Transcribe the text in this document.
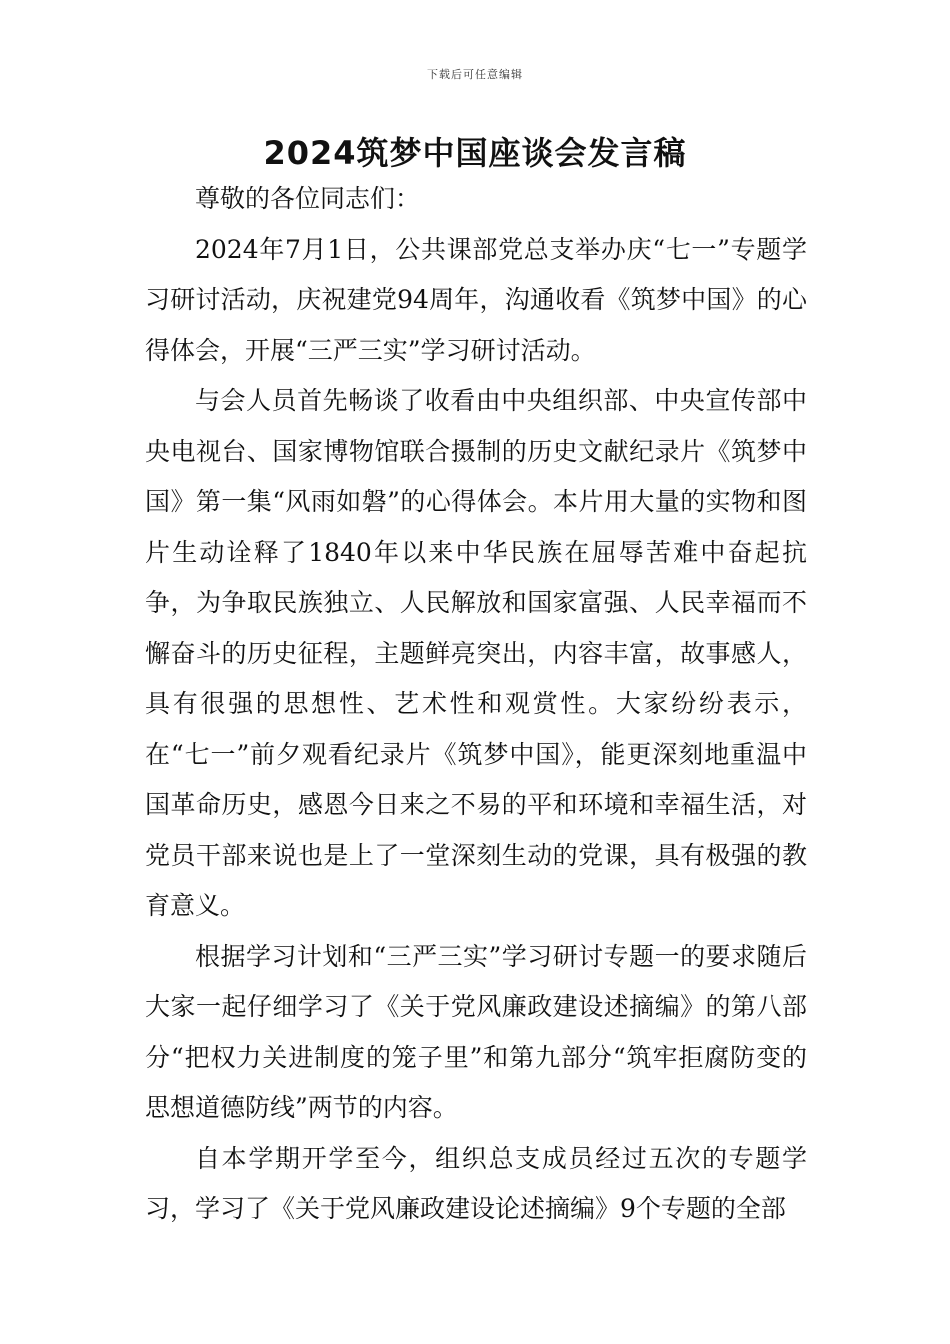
下载后可任意编辑
2024筑梦中国座谈会发言稿

尊敬的各位同志们：

2024年7月1日，公共课部党总支举办庆“七一”专题学习研讨活动，庆祝建党94周年，沟通收看《筑梦中国》的心得体会，开展“三严三实”学习研讨活动。

与会人员首先畅谈了收看由中央组织部、中央宣传部中央电视台、国家博物馆联合摄制的历史文献纪录片《筑梦中国》第一集“风雨如磐”的心得体会。本片用大量的实物和图片生动诠释了1840年以来中华民族在屈辱苦难中奋起抗争，为争取民族独立、人民解放和国家富强、人民幸福而不懈奋斗的历史征程，主题鲜亮突出，内容丰富，故事感人，具有很强的思想性、艺术性和观赏性。大家纷纷表示，在“七一”前夕观看纪录片《筑梦中国》，能更深刻地重温中国革命历史，感恩今日来之不易的平和环境和幸福生活，对党员干部来说也是上了一堂深刻生动的党课，具有极强的教育意义。

根据学习计划和“三严三实”学习研讨专题一的要求随后大家一起仔细学习了《关于党风廉政建设述摘编》的第八部分“把权力关进制度的笼子里”和第九部分“筑牢拒腐防变的思想道德防线”两节的内容。

自本学期开学至今，组织总支成员经过五次的专题学习，学习了《关于党风廉政建设论述摘编》9个专题的全部
